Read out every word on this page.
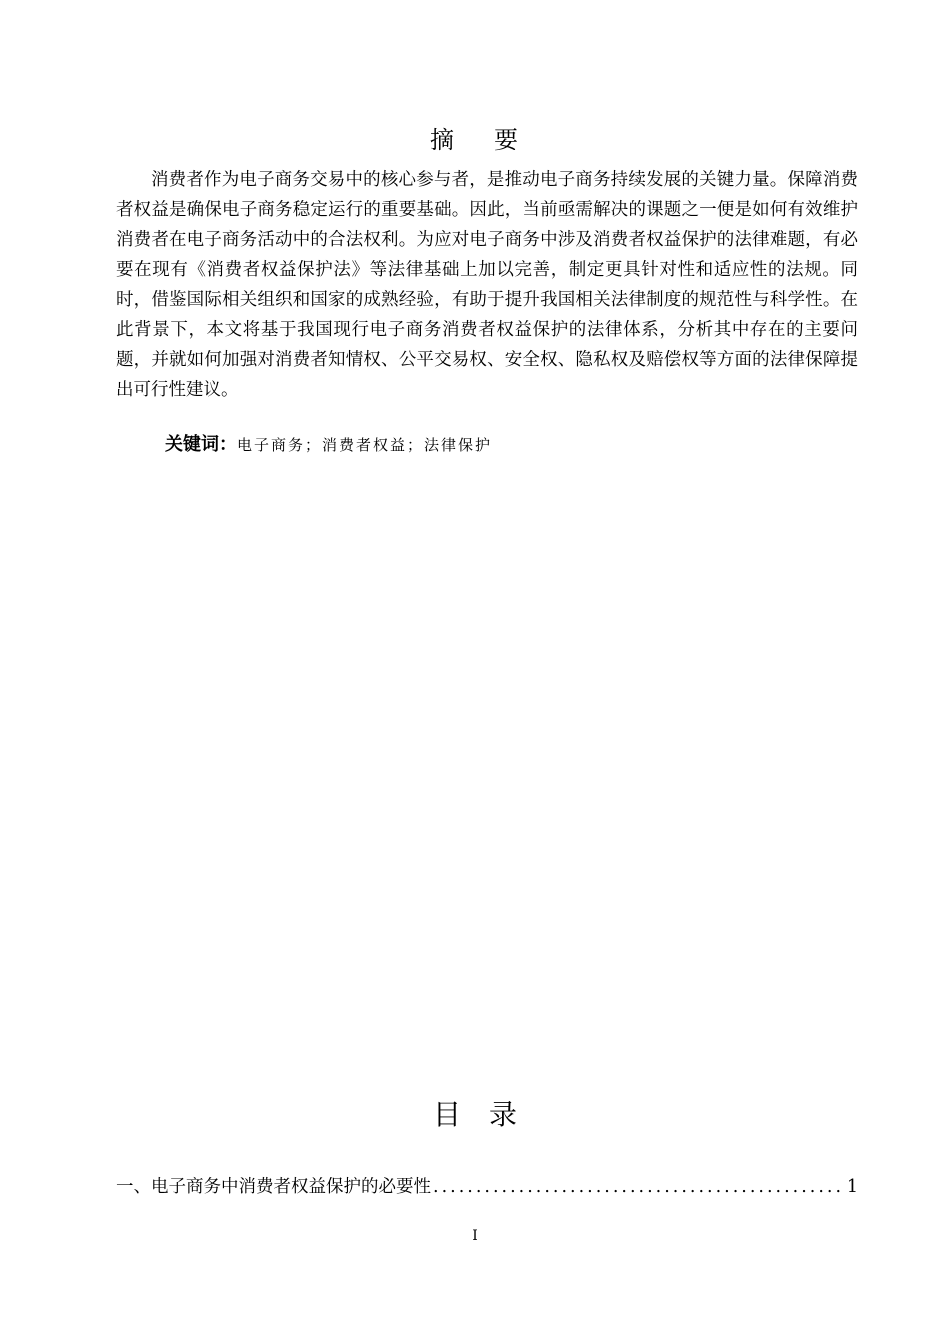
摘 要

消费者作为电子商务交易中的核心参与者，是推动电子商务持续发展的关键力量。保障消费者权益是确保电子商务稳定运行的重要基础。因此，当前亟需解决的课题之一便是如何有效维护消费者在电子商务活动中的合法权利。为应对电子商务中涉及消费者权益保护的法律难题，有必要在现有《消费者权益保护法》等法律基础上加以完善，制定更具针对性和适应性的法规。同时，借鉴国际相关组织和国家的成熟经验，有助于提升我国相关法律制度的规范性与科学性。在此背景下，本文将基于我国现行电子商务消费者权益保护的法律体系，分析其中存在的主要问题，并就如何加强对消费者知情权、公平交易权、安全权、隐私权及赔偿权等方面的法律保障提出可行性建议。

关键词：电子商务；消费者权益；法律保护

目 录
一、电子商务中消费者权益保护的必要性
.....	1

I
